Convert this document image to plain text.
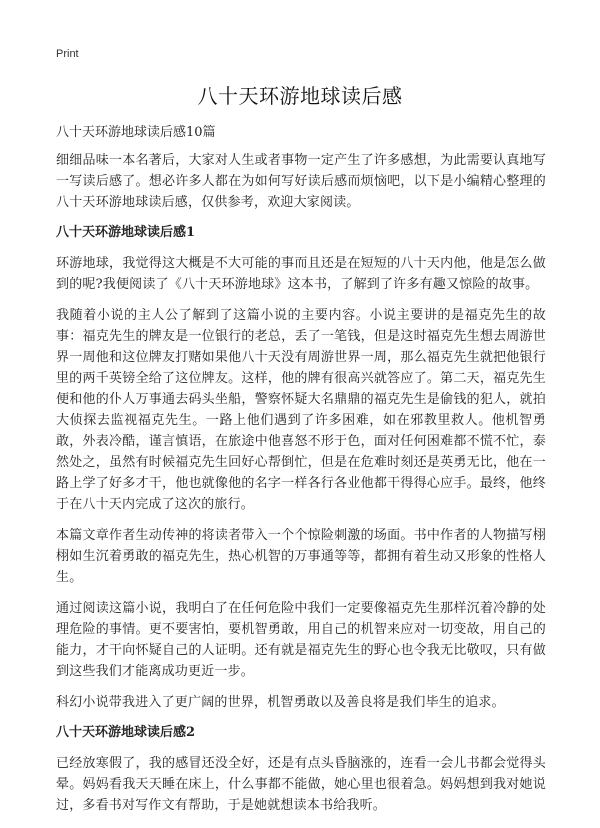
Print
八十天环游地球读后感

八十天环游地球读后感10篇

细细品味一本名著后，大家对人生或者事物一定产生了许多感想，为此需要认真地写一写读后感了。想必许多人都在为如何写好读后感而烦恼吧，以下是小编精心整理的八十天环游地球读后感，仅供参考，欢迎大家阅读。

八十天环游地球读后感1

环游地球，我觉得这大概是不大可能的事而且还是在短短的八十天内他，他是怎么做到的呢?我便阅读了《八十天环游地球》这本书，了解到了许多有趣又惊险的故事。

我随着小说的主人公了解到了这篇小说的主要内容。小说主要讲的是福克先生的故事：福克先生的牌友是一位银行的老总，丢了一笔钱，但是这时福克先生想去周游世界一周他和这位牌友打赌如果他八十天没有周游世界一周，那么福克先生就把他银行里的两千英镑全给了这位牌友。这样，他的牌有很高兴就答应了。第二天，福克先生便和他的仆人万事通去码头坐船，警察怀疑大名鼎鼎的福克先生是偷钱的犯人，就拍大侦探去监视福克先生。一路上他们遇到了许多困难，如在邪教里救人。他机智勇敢，外表冷酷，谨言慎语，在旅途中他喜怒不形于色，面对任何困难都不慌不忙，泰然处之，虽然有时候福克先生回好心帮倒忙，但是在危难时刻还是英勇无比，他在一路上学了好多才干，他也就像他的名字一样各行各业他都干得得心应手。最终，他终于在八十天内完成了这次的旅行。

本篇文章作者生动传神的将读者带入一个个惊险刺激的场面。书中作者的人物描写栩栩如生沉着勇敢的福克先生，热心机智的万事通等等，都拥有着生动又形象的性格人生。

通过阅读这篇小说，我明白了在任何危险中我们一定要像福克先生那样沉着冷静的处理危险的事情。更不要害怕，要机智勇敢，用自己的机智来应对一切变故，用自己的能力，才干向怀疑自己的人证明。还有就是福克先生的野心也令我无比敬叹，只有做到这些我们才能离成功更近一步。

科幻小说带我进入了更广阔的世界，机智勇敢以及善良将是我们毕生的追求。

八十天环游地球读后感2

已经放寒假了，我的感冒还没全好，还是有点头昏脑涨的，连看一会儿书都会觉得头晕。妈妈看我天天睡在床上，什么事都不能做，她心里也很着急。妈妈想到我对她说过，多看书对写作文有帮助，于是她就想读本书给我听。
